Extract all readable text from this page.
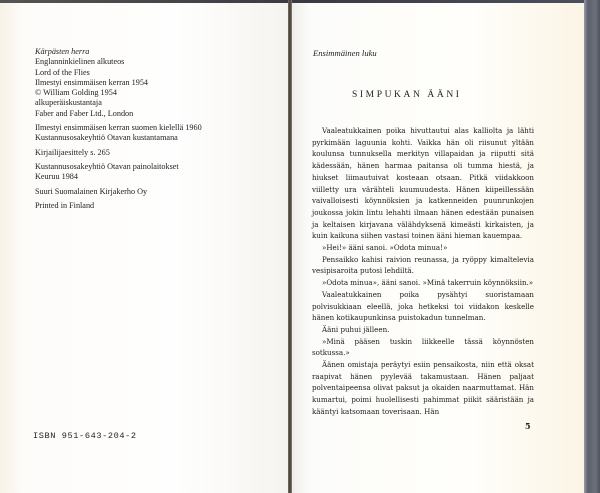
Kärpästen herra
Englanninkielinen alkuteos
Lord of the Flies
Ilmestyi ensimmäisen kerran 1954
© William Golding 1954
alkuperäiskustantaja
Faber and Faber Ltd., London

Ilmestyi ensimmäisen kerran suomen kielellä 1960
Kustannusosakeyhtiö Otavan kustantamana

Kirjailijaesittely s. 265

Kustannusosakeyhtiö Otavan painolaitokset
Keuruu 1984

Suuri Suomalainen Kirjakerho Oy

Printed in Finland

ISBN 951-643-204-2
Ensimmäinen luku
SIMPUKAN ÄÄNI

Vaaleatukkainen poika hivuttautui alas kalliolta ja lähti pyrkimään laguunia kohti. Vaikka hän oli riisunut yltään koulunsa tunnuksella merkityn villapaidan ja riiputti sitä kädessään, hänen harmaa paitansa oli tumma hiestä, ja hiukset liimautuivat kosteaan otsaan. Pitkä viidakkoon viilletty ura värähteli kuumuudesta. Hänen kiipeillessään vaivalloisesti köynnöksien ja katkenneiden puunrunkojen joukossa jokin lintu lehahti ilmaan hänen edestään punaisen ja keltaisen kirjavana välähdyksenä kimeästi kirkaisten, ja kuin kaikuna siihen vastasi toinen ääni hieman kauempaa.

»Hei!» ääni sanoi. »Odota minua!»

Pensaikko kahisi raivion reunassa, ja ryöppy kimaltelevia vesipisaroita putosi lehdiltä.

»Odota minua», ääni sanoi. »Minä takerruin köynnöksiin.»

Vaaleatukkainen poika pysähtyi suoristamaan polvisukkiaan eleellä, joka hetkeksi toi viidakon keskelle hänen kotikaupunkinsa puistokadun tunnelman.

Ääni puhui jälleen.

»Minä pääsen tuskin liikkeelle tässä köynnösten sotkussa.»

Äänen omistaja peräytyi esiin pensaikosta, niin että oksat raapivat hänen pyylevää takamustaan. Hänen paljaat polventaipeensa olivat paksut ja okaiden naarmuttamat. Hän kumartui, poimi huolellisesti pahimmat piikit sääristään ja kääntyi katsomaan toverisaan. Hän

5
